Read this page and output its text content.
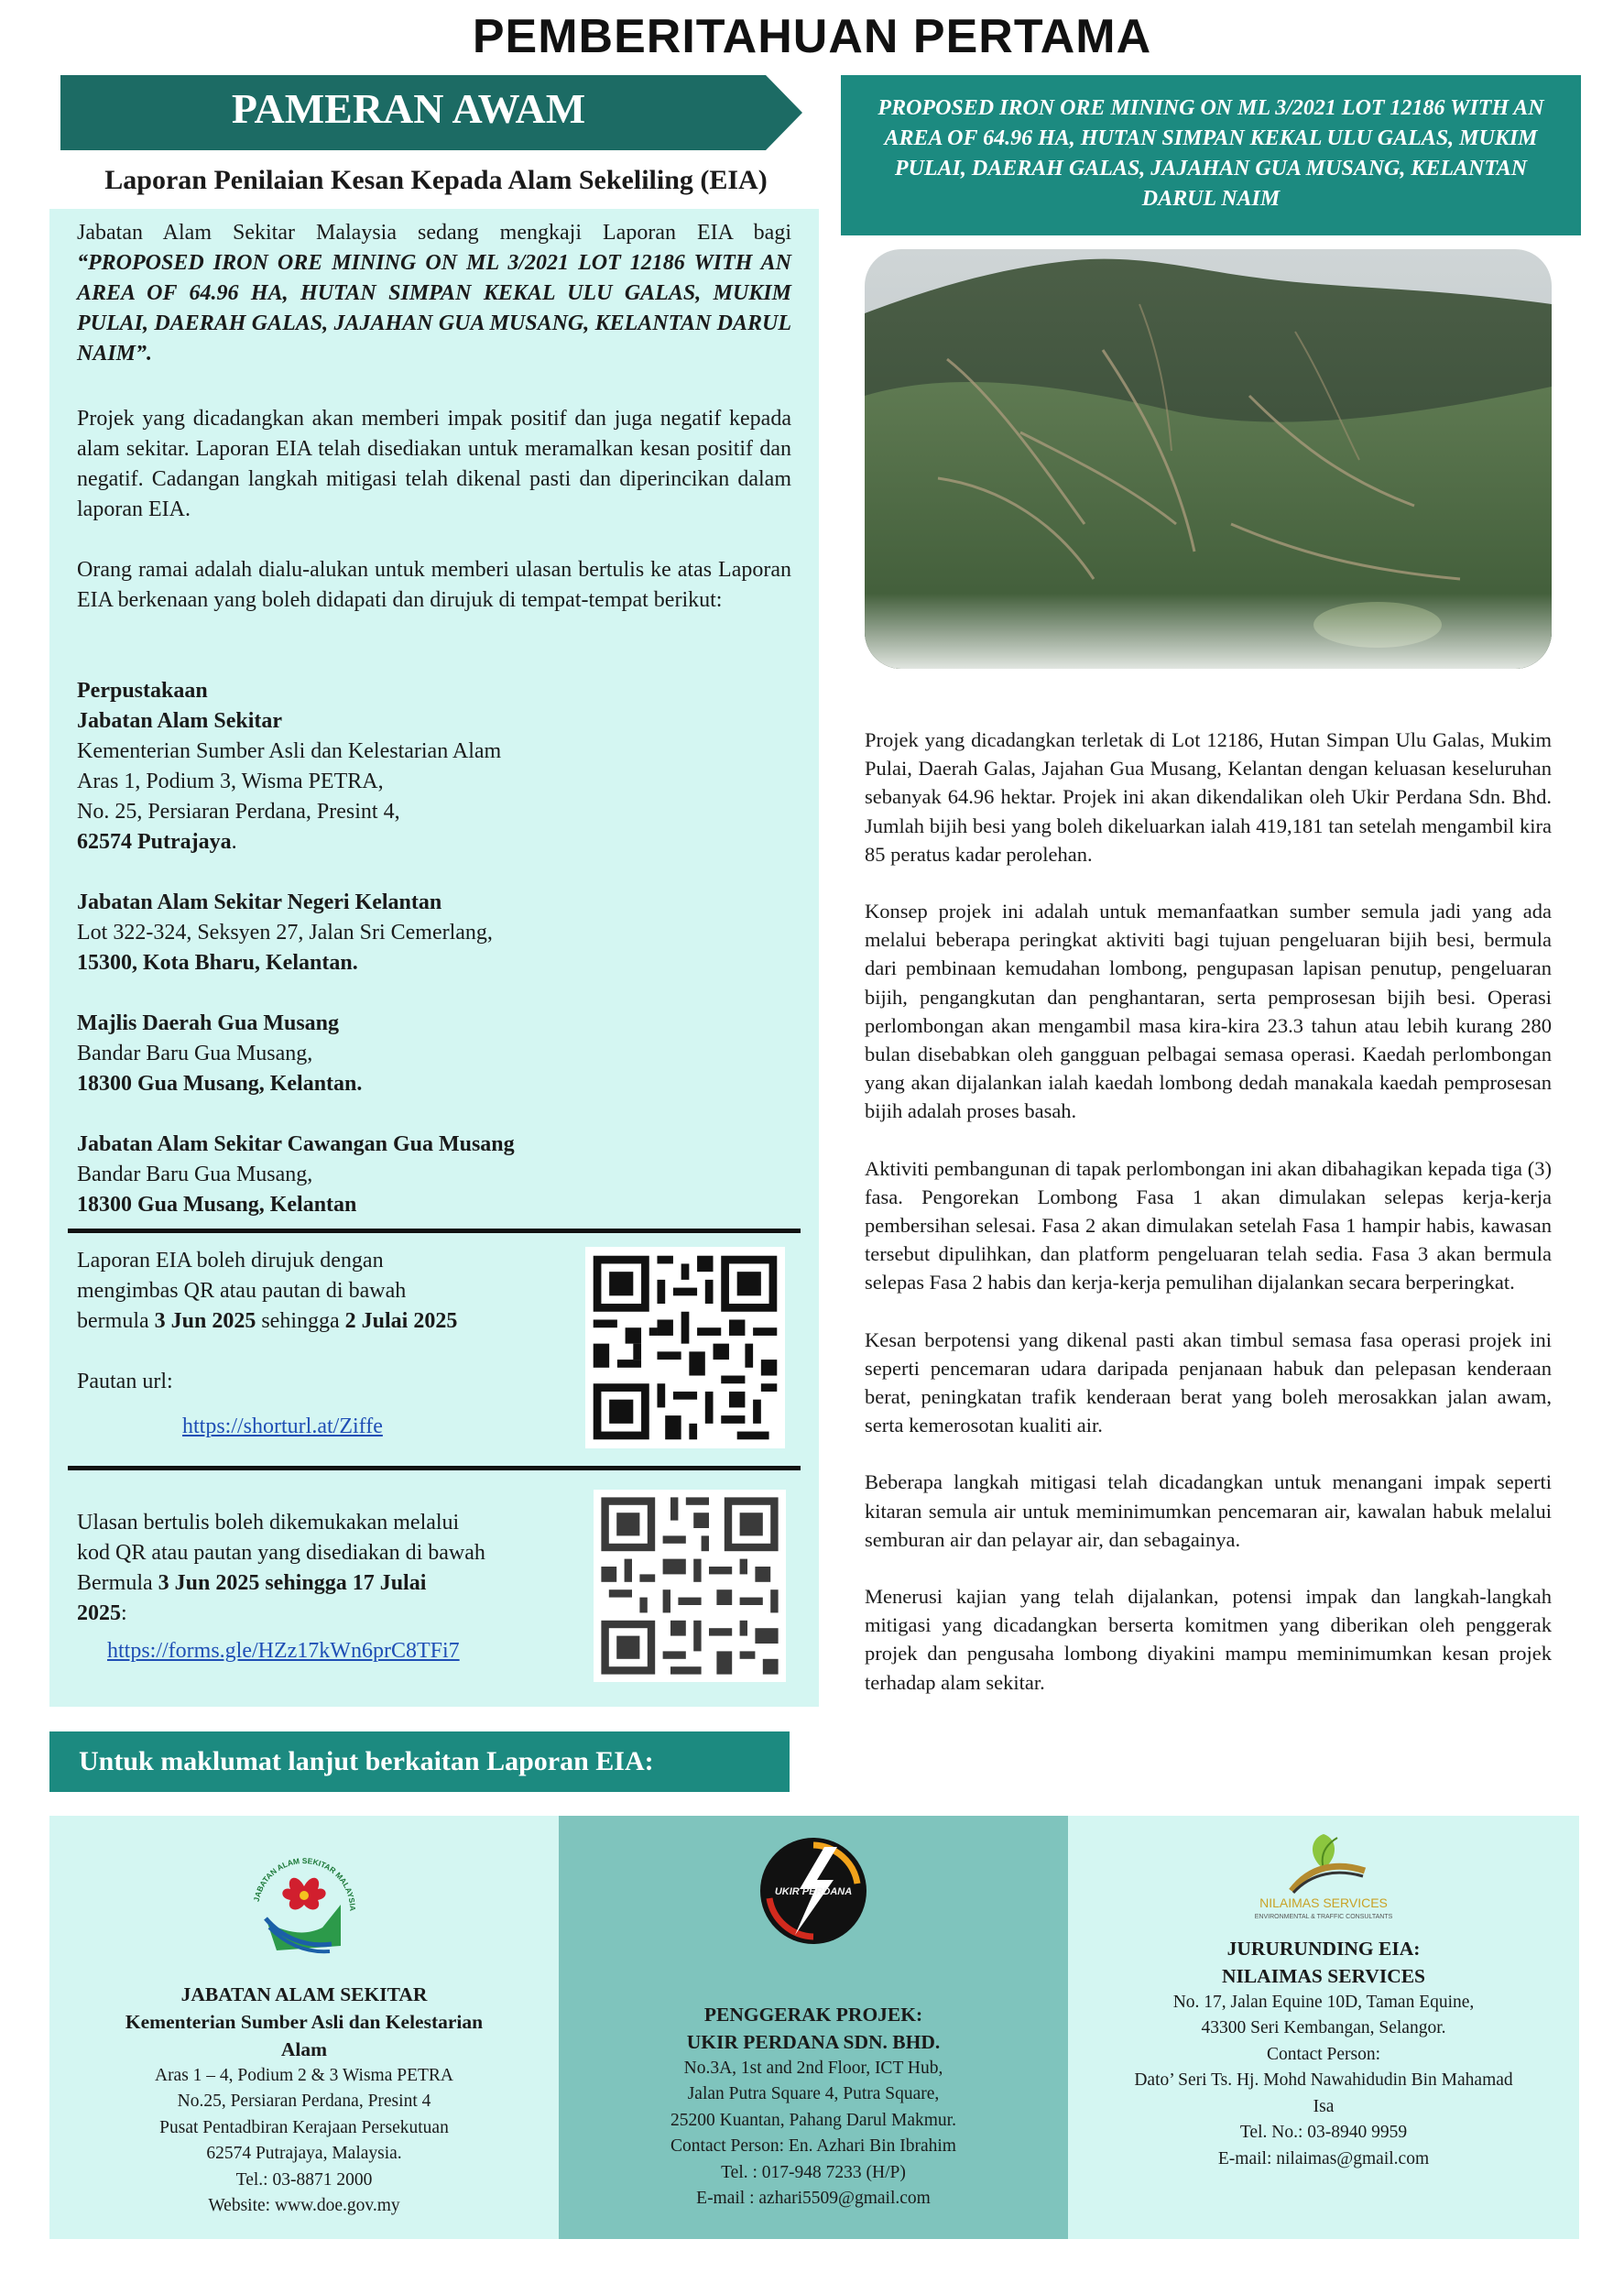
PEMBERITAHUAN PERTAMA
PAMERAN AWAM
Laporan Penilaian Kesan Kepada Alam Sekeliling (EIA)

Jabatan Alam Sekitar Malaysia sedang mengkaji Laporan EIA bagi “PROPOSED IRON ORE MINING ON ML 3/2021 LOT 12186 WITH AN AREA OF 64.96 HA, HUTAN SIMPAN KEKAL ULU GALAS, MUKIM PULAI, DAERAH GALAS, JAJAHAN GUA MUSANG, KELANTAN DARUL NAIM”.

Projek yang dicadangkan akan memberi impak positif dan juga negatif kepada alam sekitar. Laporan EIA telah disediakan untuk meramalkan kesan positif dan negatif. Cadangan langkah mitigasi telah dikenal pasti dan diperincikan dalam laporan EIA.
Orang ramai adalah dialu-alukan untuk memberi ulasan bertulis ke atas Laporan EIA berkenaan yang boleh didapati dan dirujuk di tempat-tempat berikut:

Perpustakaan

Jabatan Alam Sekitar

Kementerian Sumber Asli dan Kelestarian Alam

Aras 1, Podium 3, Wisma PETRA,

No. 25, Persiaran Perdana, Presint 4,

62574 Putrajaya.

Jabatan Alam Sekitar Negeri Kelantan

Lot 322-324, Seksyen 27, Jalan Sri Cemerlang,

15300, Kota Bharu, Kelantan.

Majlis Daerah Gua Musang

Bandar Baru Gua Musang,

18300 Gua Musang, Kelantan.

Jabatan Alam Sekitar Cawangan Gua Musang

Bandar Baru Gua Musang,

18300 Gua Musang, Kelantan

Laporan EIA boleh dirujuk dengan
mengimbas QR atau pautan di bawah
bermula 3 Jun 2025 sehingga 2 Julai 2025
Pautan url:
https://shorturl.at/Ziffe
Ulasan bertulis boleh dikemukakan melalui
kod QR atau pautan yang disediakan di bawah
Bermula 3 Jun 2025 sehingga 17 Julai
2025:
https://forms.gle/HZz17kWn6prC8TFi7
PROPOSED IRON ORE MINING ON ML 3/2021 LOT 12186 WITH AN AREA OF 64.96 HA, HUTAN SIMPAN KEKAL ULU GALAS, MUKIM PULAI, DAERAH GALAS, JAJAHAN GUA MUSANG, KELANTAN DARUL NAIM

Projek yang dicadangkan terletak di Lot 12186, Hutan Simpan Ulu Galas, Mukim Pulai, Daerah Galas, Jajahan Gua Musang, Kelantan dengan keluasan keseluruhan sebanyak 64.96 hektar. Projek ini akan dikendalikan oleh Ukir Perdana Sdn. Bhd. Jumlah bijih besi yang boleh dikeluarkan ialah 419,181 tan setelah mengambil kira 85 peratus kadar perolehan.

Konsep projek ini adalah untuk memanfaatkan sumber semula jadi yang ada melalui beberapa peringkat aktiviti bagi tujuan pengeluaran bijih besi, bermula dari pembinaan kemudahan lombong, pengupasan lapisan penutup, pengeluaran bijih, pengangkutan dan penghantaran, serta pemprosesan bijih besi. Operasi perlombongan akan mengambil masa kira-kira 23.3 tahun atau lebih kurang 280 bulan disebabkan oleh gangguan pelbagai semasa operasi. Kaedah perlombongan yang akan dijalankan ialah kaedah lombong dedah manakala kaedah pemprosesan bijih adalah proses basah.

Aktiviti pembangunan di tapak perlombongan ini akan dibahagikan kepada tiga (3) fasa. Pengorekan Lombong Fasa 1 akan dimulakan selepas kerja-kerja pembersihan selesai. Fasa 2 akan dimulakan setelah Fasa 1 hampir habis, kawasan tersebut dipulihkan, dan platform pengeluaran telah sedia. Fasa 3 akan bermula selepas Fasa 2 habis dan kerja-kerja pemulihan dijalankan secara berperingkat.

Kesan berpotensi yang dikenal pasti akan timbul semasa fasa operasi projek ini seperti pencemaran udara daripada penjanaan habuk dan pelepasan kenderaan berat, peningkatan trafik kenderaan berat yang boleh merosakkan jalan awam, serta kemerosotan kualiti air.

Beberapa langkah mitigasi telah dicadangkan untuk menangani impak seperti kitaran semula air untuk meminimumkan pencemaran air, kawalan habuk melalui semburan air dan pelayar air, dan sebagainya.

Menerusi kajian yang telah dijalankan, potensi impak dan langkah-langkah mitigasi yang dicadangkan berserta komitmen yang diberikan oleh penggerak projek dan pengusaha lombong diyakini mampu meminimumkan kesan projek terhadap alam sekitar.

Untuk maklumat lanjut berkaitan Laporan EIA:
JABATAN ALAM SEKITAR MALAYSIA

JABATAN ALAM SEKITAR

Kementerian Sumber Asli dan Kelestarian

Alam

Aras 1 – 4, Podium 2 & 3 Wisma PETRA

No.25, Persiaran Perdana, Presint 4

Pusat Pentadbiran Kerajaan Persekutuan

62574 Putrajaya, Malaysia.

Tel.: 03-8871 2000

Website: www.doe.gov.my

UKIR PERDANA

PENGGERAK PROJEK:

UKIR PERDANA SDN. BHD.

No.3A, 1st and 2nd Floor, ICT Hub,

Jalan Putra Square 4, Putra Square,

25200 Kuantan, Pahang Darul Makmur.

Contact Person: En. Azhari Bin Ibrahim

Tel. : 017-948 7233 (H/P)

E-mail : azhari5509@gmail.com

NILAIMAS SERVICES
ENVIRONMENTAL & TRAFFIC CONSULTANTS

JURURUNDING EIA:

NILAIMAS SERVICES

No. 17, Jalan Equine 10D, Taman Equine,

43300 Seri Kembangan, Selangor.

Contact Person:

Dato’ Seri Ts. Hj. Mohd Nawahidudin Bin Mahamad

Isa

Tel. No.: 03-8940 9959

E-mail: nilaimas@gmail.com
